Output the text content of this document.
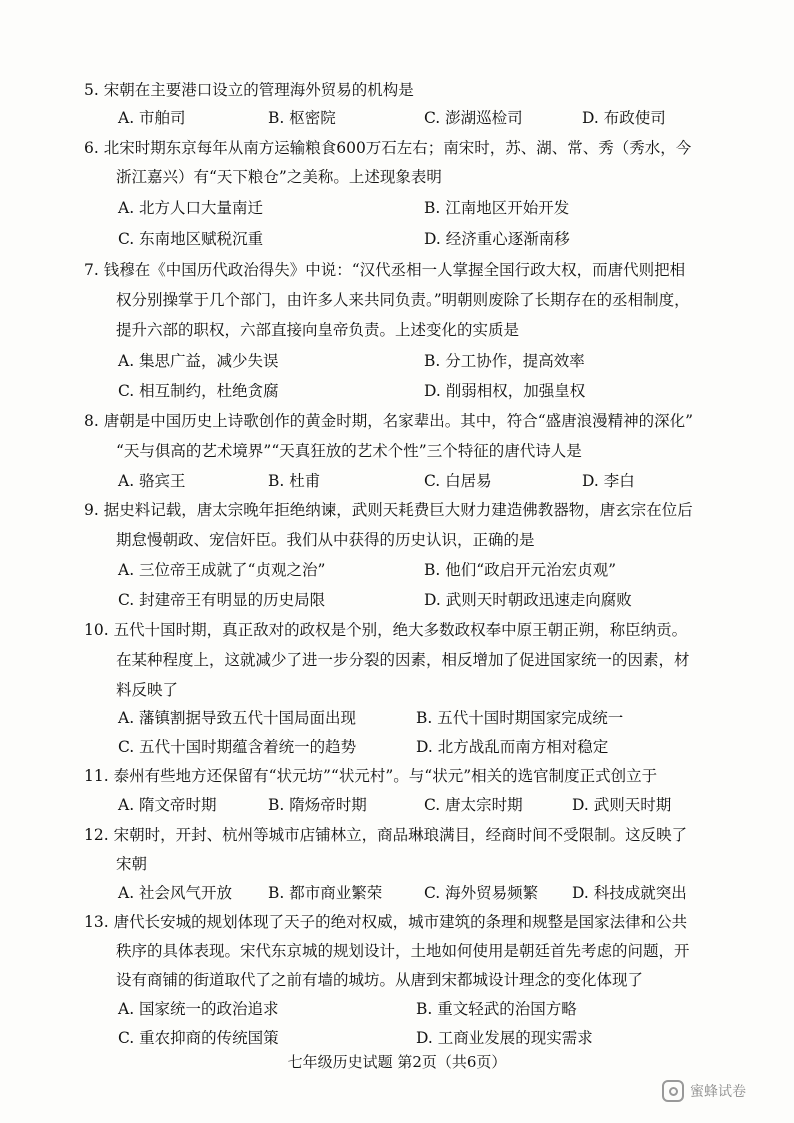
5. 宋朝在主要港口设立的管理海外贸易的机构是
A. 市舶司	B. 枢密院	C. 澎湖巡检司	D. 布政使司
6. 北宋时期东京每年从南方运输粮食600万石左右；南宋时，苏、湖、常、秀（秀水，今
浙江嘉兴）有“天下粮仓”之美称。上述现象表明
A. 北方人口大量南迁	B. 江南地区开始开发
C. 东南地区赋税沉重	D. 经济重心逐渐南移
7. 钱穆在《中国历代政治得失》中说：“汉代丞相一人掌握全国行政大权，而唐代则把相
权分别操掌于几个部门，由许多人来共同负责。”明朝则废除了长期存在的丞相制度，
提升六部的职权，六部直接向皇帝负责。上述变化的实质是
A. 集思广益，减少失误	B. 分工协作，提高效率
C. 相互制约，杜绝贪腐	D. 削弱相权，加强皇权
8. 唐朝是中国历史上诗歌创作的黄金时期，名家辈出。其中，符合“盛唐浪漫精神的深化”
“天与俱高的艺术境界”“天真狂放的艺术个性”三个特征的唐代诗人是
A. 骆宾王	B. 杜甫	C. 白居易	D. 李白
9. 据史料记载，唐太宗晚年拒绝纳谏，武则天耗费巨大财力建造佛教器物，唐玄宗在位后
期怠慢朝政、宠信奸臣。我们从中获得的历史认识，正确的是
A. 三位帝王成就了“贞观之治”	B. 他们“政启开元治宏贞观”
C. 封建帝王有明显的历史局限	D. 武则天时朝政迅速走向腐败
10. 五代十国时期，真正敌对的政权是个别，绝大多数政权奉中原王朝正朔，称臣纳贡。
在某种程度上，这就减少了进一步分裂的因素，相反增加了促进国家统一的因素，材
料反映了
A. 藩镇割据导致五代十国局面出现	B. 五代十国时期国家完成统一
C. 五代十国时期蕴含着统一的趋势	D. 北方战乱而南方相对稳定
11. 泰州有些地方还保留有“状元坊”“状元村”。与“状元”相关的选官制度正式创立于
A. 隋文帝时期	B. 隋炀帝时期	C. 唐太宗时期	D. 武则天时期
12. 宋朝时，开封、杭州等城市店铺林立，商品琳琅满目，经商时间不受限制。这反映了
宋朝
A. 社会风气开放 B. 都市商业繁荣	C. 海外贸易频繁 D. 科技成就突出
13. 唐代长安城的规划体现了天子的绝对权威，城市建筑的条理和规整是国家法律和公共
秩序的具体表现。宋代东京城的规划设计，土地如何使用是朝廷首先考虑的问题，开
设有商铺的街道取代了之前有墙的城坊。从唐到宋都城设计理念的变化体现了
A. 国家统一的政治追求	B. 重文轻武的治国方略
C. 重农抑商的传统国策	D. 工商业发展的现实需求
七年级历史试题 第2页（共6页）
蜜蜂试卷
